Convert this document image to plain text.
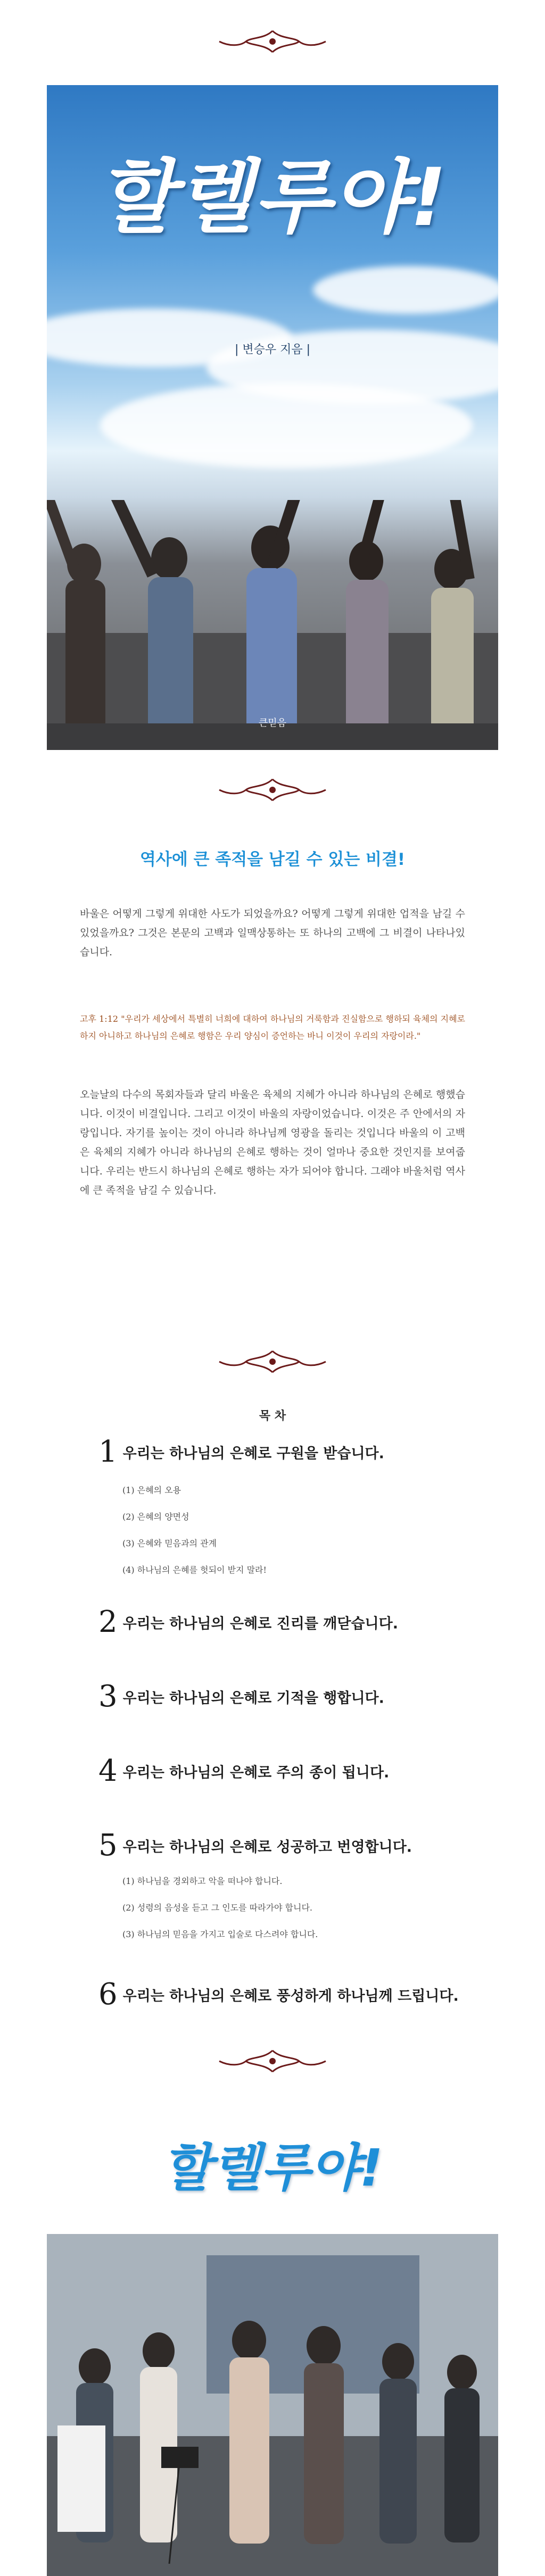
할렐루야!
| 변승우 지음 |
큰믿음
역사에 큰 족적을 남길 수 있는 비결!
바울은 어떻게 그렇게 위대한 사도가 되었을까요? 어떻게 그렇게 위대한 업적을 남길 수 있었을까요? 그것은 본문의 고백과 일맥상통하는 또 하나의 고백에 그 비결이 나타나있습니다.
고후 1:12 "우리가 세상에서 특별히 너희에 대하여 하나님의 거룩함과 진실함으로 행하되 육체의 지혜로 하지 아니하고 하나님의 은혜로 행함은 우리 양심이 증언하는 바니 이것이 우리의 자랑이라."
오늘날의 다수의 목회자들과 달리 바울은 육체의 지혜가 아니라 하나님의 은혜로 행했습니다. 이것이 비결입니다. 그리고 이것이 바울의 자랑이었습니다. 이것은 주 안에서의 자랑입니다. 자기를 높이는 것이 아니라 하나님께 영광을 돌리는 것입니다 바울의 이 고백은 육체의 지혜가 아니라 하나님의 은혜로 행하는 것이 얼마나 중요한 것인지를 보여줍니다. 우리는 반드시 하나님의 은혜로 행하는 자가 되어야 합니다. 그래야 바울처럼 역사에 큰 족적을 남길 수 있습니다.
목 차
1 우리는 하나님의 은혜로 구원을 받습니다.
(1) 은혜의 오용
(2) 은혜의 양면성
(3) 은혜와 믿음과의 관계
(4) 하나님의 은혜를 헛되이 받지 말라!
2 우리는 하나님의 은혜로 진리를 깨닫습니다.
3 우리는 하나님의 은혜로 기적을 행합니다.
4 우리는 하나님의 은혜로 주의 종이 됩니다.
5 우리는 하나님의 은혜로 성공하고 번영합니다.
(1) 하나님을 경외하고 악을 떠나야 합니다.
(2) 성령의 음성을 듣고 그 인도를 따라가야 합니다.
(3) 하나님의 믿음을 가지고 입술로 다스려야 합니다.
6 우리는 하나님의 은혜로 풍성하게 하나님께 드립니다.
할렐루야!
